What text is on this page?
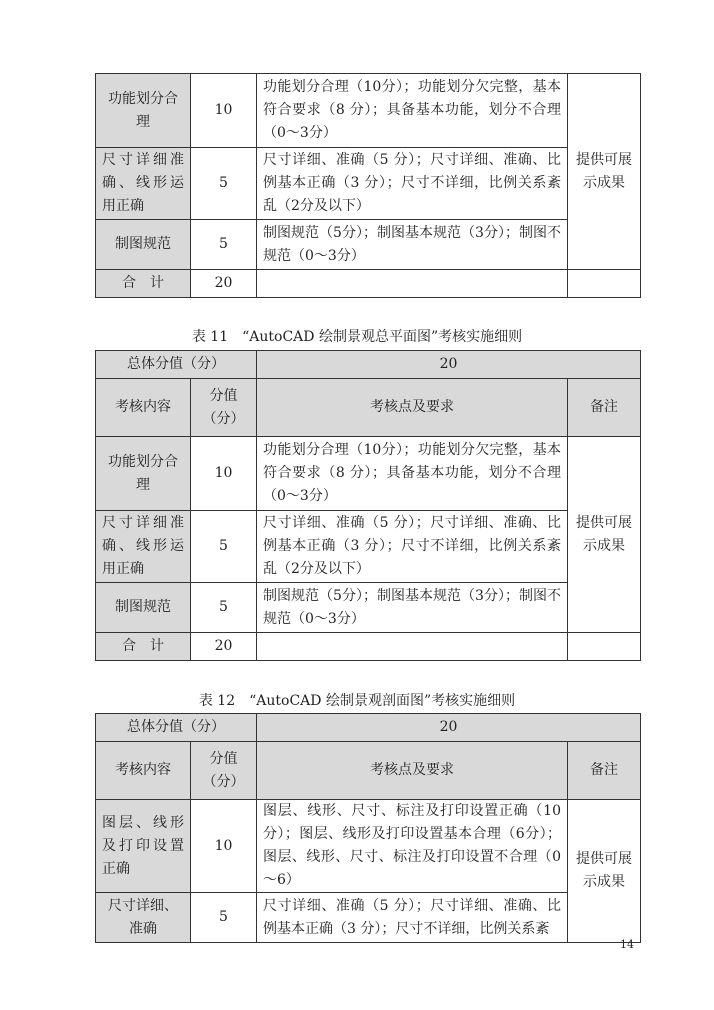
功能划分合理	10	功能划分合理（10分）；功能划分欠完整，基本符合要求（8 分）；具备基本功能，划分不合理（0～3分）	提供可展示成果
尺寸详细准确、线形运用正确	5	尺寸详细、准确（5 分）；尺寸详细、准确、比例基本正确（3 分）；尺寸不详细，比例关系紊乱（2分及以下）	
制图规范	5	制图规范（5分）；制图基本规范（3分）；制图不规范（0～3分）	
合　计	20		
表 11　“AutoCAD 绘制景观总平面图”考核实施细则
总体分值（分）		20	
考核内容	分值（分）	考核点及要求	备注
功能划分合理	10	功能划分合理（10分）；功能划分欠完整，基本符合要求（8 分）；具备基本功能，划分不合理（0～3分）	提供可展示成果
尺寸详细准确、线形运用正确	5	尺寸详细、准确（5 分）；尺寸详细、准确、比例基本正确（3 分）；尺寸不详细，比例关系紊乱（2分及以下）	
制图规范	5	制图规范（5分）；制图基本规范（3分）；制图不规范（0～3分）	
合　计	20		
表 12　“AutoCAD 绘制景观剖面图”考核实施细则
总体分值（分）		20	
考核内容	分值（分）	考核点及要求	备注
图层、线形及打印设置正确	10	图层、线形、尺寸、标注及打印设置正确（10分）；图层、线形及打印设置基本合理（6分）；图层、线形、尺寸、标注及打印设置不合理（0～6）	提供可展示成果
尺寸详细、准确	5	尺寸详细、准确（5 分）；尺寸详细、准确、比例基本正确（3 分）；尺寸不详细，比例关系紊	
14
